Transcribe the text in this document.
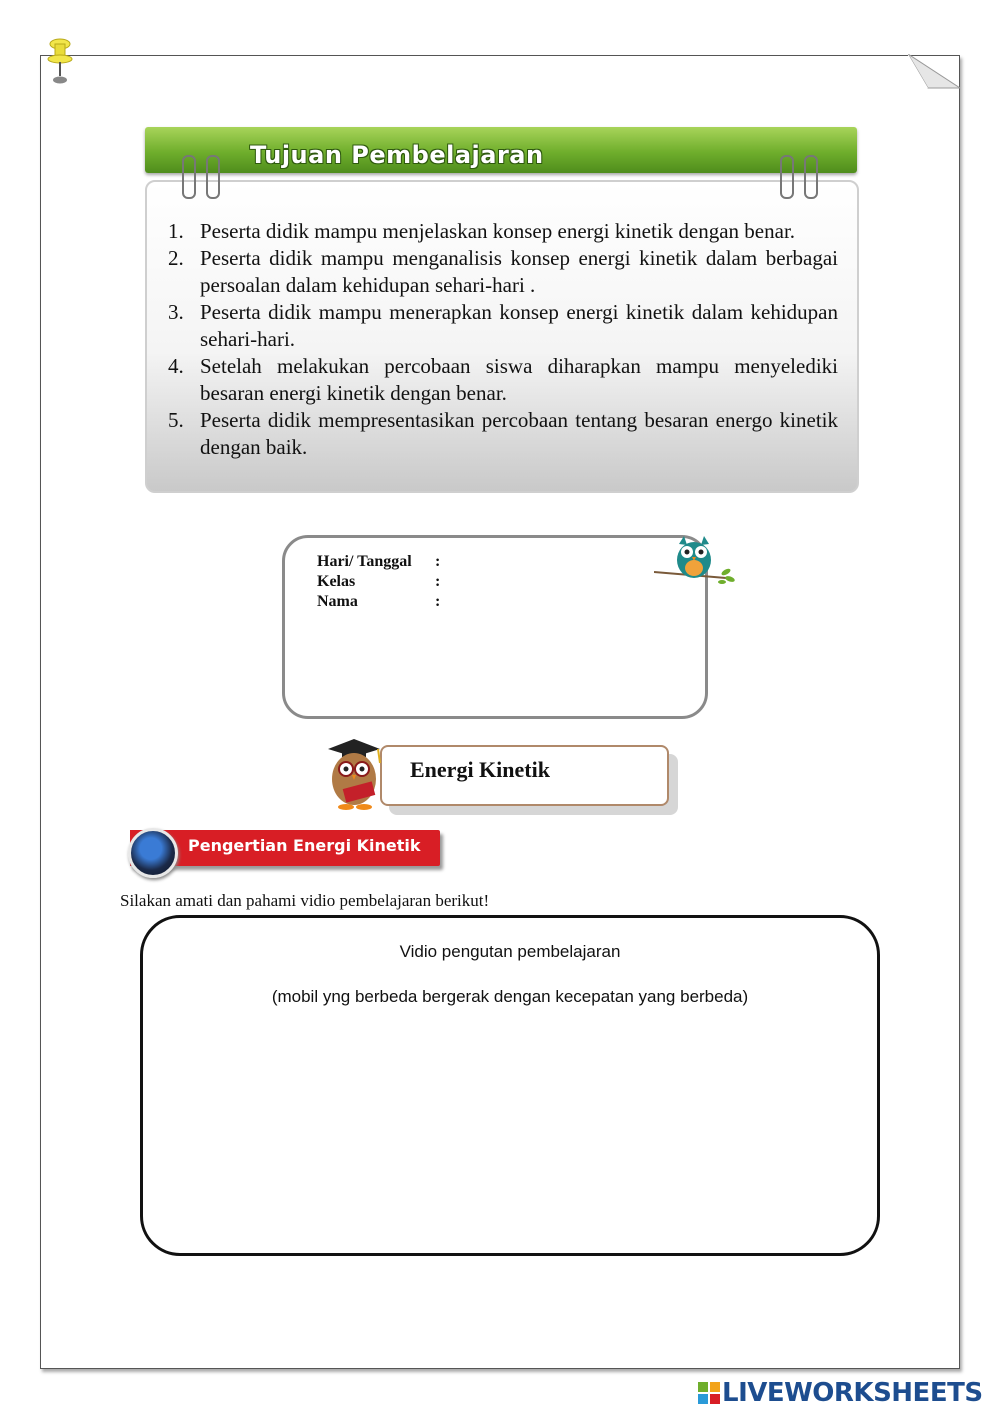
Tujuan Pembelajaran
1. Peserta didik mampu menjelaskan konsep energi kinetik dengan benar.
2. Peserta didik mampu menganalisis konsep energi kinetik dalam berbagai persoalan dalam kehidupan sehari-hari .
3. Peserta didik mampu menerapkan konsep energi kinetik dalam kehidupan sehari-hari.
4. Setelah melakukan percobaan siswa diharapkan mampu menyelediki besaran energi kinetik dengan benar.
5. Peserta didik mempresentasikan percobaan tentang besaran energo kinetik dengan baik.
Hari/ Tanggal :
Kelas	:
Nama	:
Energi Kinetik
Pengertian Energi Kinetik
Silakan amati dan pahami vidio pembelajaran berikut!
Vidio pengutan pembelajaran
(mobil yng berbeda bergerak dengan kecepatan yang berbeda)
LIVEWORKSHEETS
